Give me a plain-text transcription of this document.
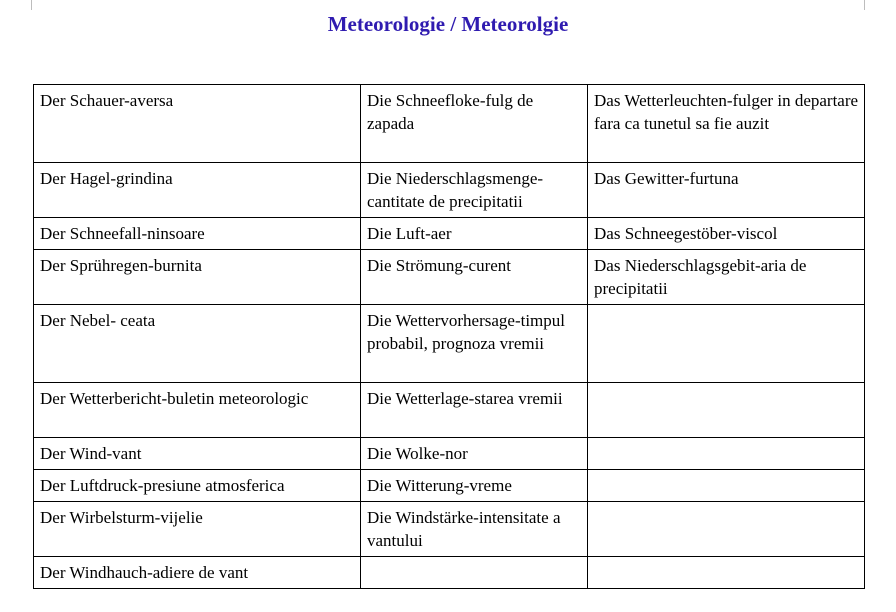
Meteorologie / Meteorolgie
Der Schauer-aversa	Die Schneefloke-fulg de zapada	Das Wetterleuchten-fulger in departare fara ca tunetul sa fie auzit
Der Hagel-grindina	Die Niederschlagsmenge-cantitate de precipitatii	Das Gewitter-furtuna
Der Schneefall-ninsoare	Die Luft-aer	Das Schneegestöber-viscol
Der Sprühregen-burnita	Die Strömung-curent	Das Niederschlagsgebit-aria de precipitatii
Der Nebel- ceata	Die Wettervorhersage-timpul probabil, prognoza vremii	
Der Wetterbericht-buletin meteorologic	Die Wetterlage-starea vremii	
Der Wind-vant	Die Wolke-nor	
Der Luftdruck-presiune atmosferica	Die Witterung-vreme	
Der Wirbelsturm-vijelie	Die Windstärke-intensitate a vantului	
Der Windhauch-adiere de vant		
